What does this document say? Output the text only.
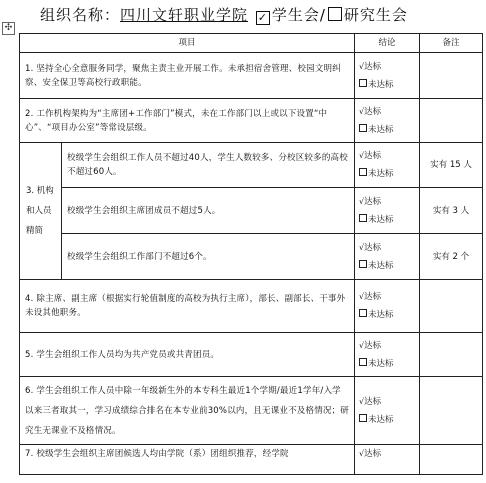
✣
组织名称：四川文轩职业学院 ✓ 学生会/ 研究生会
项目		结论	备注
1. 坚持全心全意服务同学，聚焦主责主业开展工作。未承担宿舍管理、校园文明纠察、安全保卫等高校行政职能。		√达标
未达标	

2. 工作机构架构为“主席团+工作部门”模式，未在工作部门以上或以下设置“中心”、“项目办公室”等常设层级。		√达标
未达标	

3. 机构和人员精简	校级学生会组织工作人员不超过40人，学生人数较多、分校区较多的高校不超过60人。	√达标
未达标	实有 15 人
	校级学生会组织主席团成员不超过5人。	√达标
未达标	实有 3 人
	校级学生会组织工作部门不超过6个。	√达标
未达标	实有 2 个
4. 除主席、副主席（根据实行轮值制度的高校为执行主席），部长、副部长、干事外未设其他职务。		√达标
未达标	

5. 学生会组织工作人员均为共产党员或共青团员。		√达标
未达标	

6. 学生会组织工作人员中除一年级新生外的本专科生最近1个学期/最近1学年/入学以来三者取其一，学习成绩综合排名在本专业前30%以内，且无课业不及格情况；研究生无课业不及格情况。		√达标
未达标	

7. 校级学生会组织主席团候选人均由学院（系）团组织推荐，经学院		√达标	
